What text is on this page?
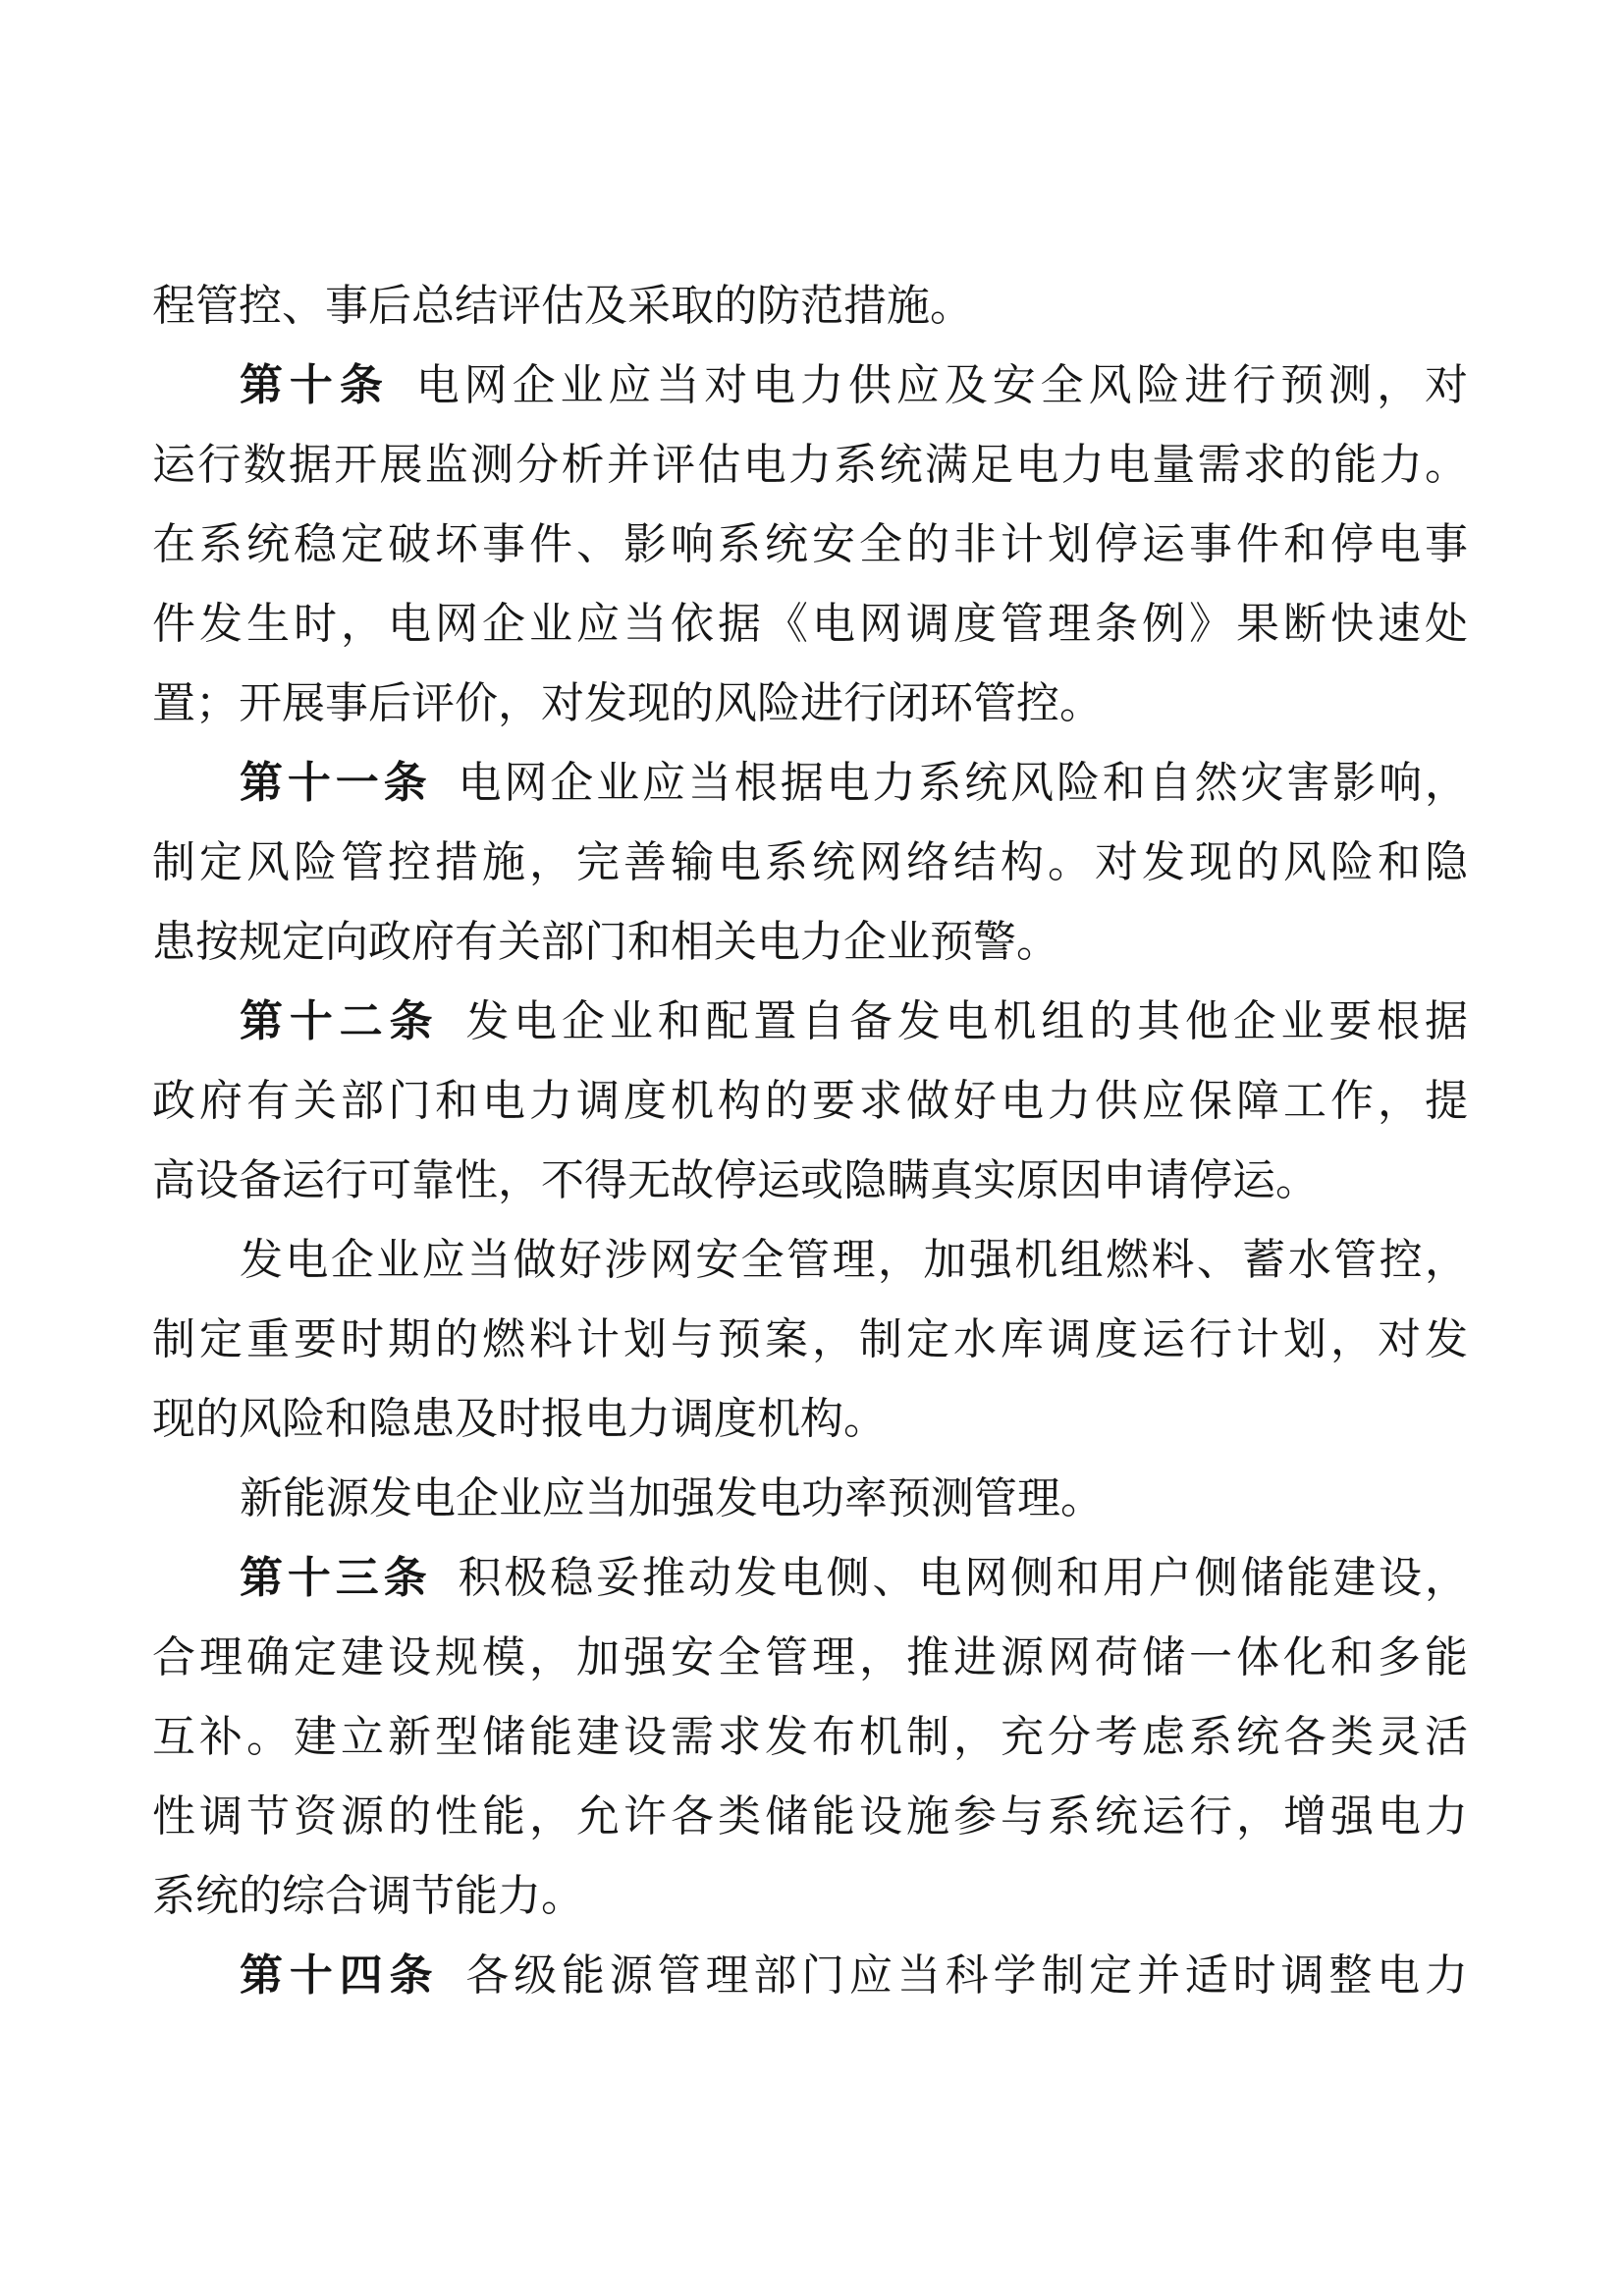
程管控、事后总结评估及采取的防范措施。
第十条 电网企业应当对电力供应及安全风险进行预测，对
运行数据开展监测分析并评估电力系统满足电力电量需求的能力。
在系统稳定破坏事件、影响系统安全的非计划停运事件和停电事
件发生时，电网企业应当依据《电网调度管理条例》果断快速处
置；开展事后评价，对发现的风险进行闭环管控。
第十一条 电网企业应当根据电力系统风险和自然灾害影响，
制定风险管控措施，完善输电系统网络结构。对发现的风险和隐
患按规定向政府有关部门和相关电力企业预警。
第十二条 发电企业和配置自备发电机组的其他企业要根据
政府有关部门和电力调度机构的要求做好电力供应保障工作，提
高设备运行可靠性，不得无故停运或隐瞒真实原因申请停运。
发电企业应当做好涉网安全管理，加强机组燃料、蓄水管控，
制定重要时期的燃料计划与预案，制定水库调度运行计划，对发
现的风险和隐患及时报电力调度机构。
新能源发电企业应当加强发电功率预测管理。
第十三条 积极稳妥推动发电侧、电网侧和用户侧储能建设，
合理确定建设规模，加强安全管理，推进源网荷储一体化和多能
互补。建立新型储能建设需求发布机制，充分考虑系统各类灵活
性调节资源的性能，允许各类储能设施参与系统运行，增强电力
系统的综合调节能力。
第十四条 各级能源管理部门应当科学制定并适时调整电力
